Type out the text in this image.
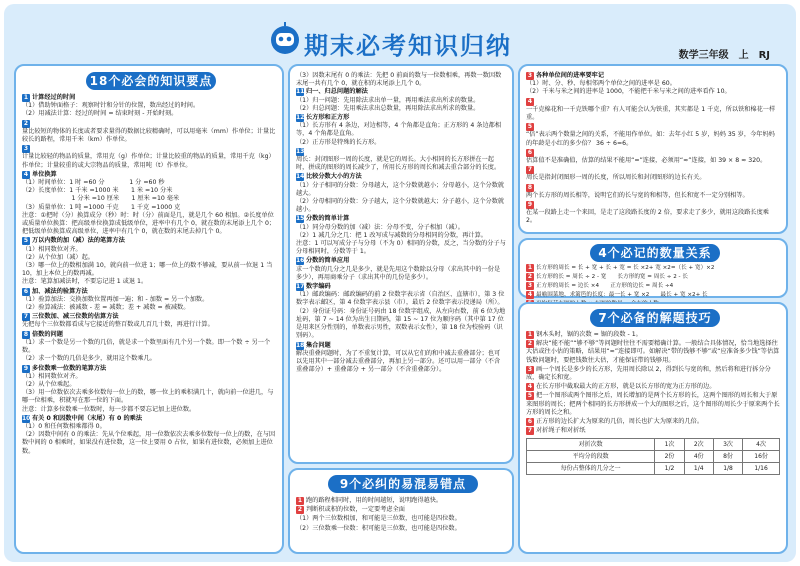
期末必考知识归纳	数学三年级　上　RJ
18个必会的知识要点
1 计算经过的时间
（1）借助钟面格子：观察时针和分针的位置，数出经过的时间。
（2）用减法计算：经过的时间 = 结束时刻 - 开始时刻。
2
量比较短的物体的长度或者要求量得的数据比较精确时，可以用毫米（mm）作单位；计量比较长的路程，常用千米（km）作单位。
3
计量比较轻的物品的质量，常用克（g）作单位；计量比较重的物品的质量，常用千克（kg）作单位；计量较重的或大宗物品的质量，常用吨（t）作单位。
4 单位换算
（1）时间单位：1 时 =60 分　　　　1 分 =60 秒
（2）长度单位：1 千米 =1000 米　　1 米 =10 分米
　　　　　　　　1 分米 =10 厘米　　1 厘米 =10 毫米
（3）质量单位：1 吨 =1000 千克　　1 千克 =1000 克
注意：①把时（分）换算成分（秒）时：时（分）前面是几，就是几个 60 相加。②长度单位或质量单位换算：把高级单位换算成低级单位，进率中有几个 0，就在数的末尾添上几个 0；把低级单位换算成高级单位，进率中有几个 0，就在数的末尾去掉几个 0。
5 万以内数的加（减）法的笔算方法
（1）相同数位对齐。
（2）从个位加（减）起。
（3）哪一位上的数相加满 10，就向前一位进 1；哪一位上的数不够减，要从前一位退 1 当 10，加上本位上的数再减。
注意：笔算加减法时，不要忘记进 1 或退 1。
6 加、减法的验算方法
（1）验算加法：交换加数位置再加一遍；和 - 加数 = 另一个加数。
（2）验算减法：被减数 - 差 = 减数；差 + 减数 = 被减数。
7 三位数加、减三位数的估算方法
先把每个三位数都看成与它接近的整百数或几百几十数，再进行计算。
8 倍数的问题
（1）求一个数是另一个数的几倍，就是求一个数里面有几个另一个数。即一个数 ÷ 另一个数。
（2）求一个数的几倍是多少，就用这个数乘几。
9 多位数乘一位数的笔算方法
（1）相同数位对齐。
（2）从个位乘起。
（3）用一位数依次去乘多位数每一位上的数，哪一位上的乘积满几十，就向前一位进几，与哪一位相乘，积就写在那一位的下面。
注意：计算多位数乘一位数时，每一步都不要忘记加上进位数。
10 有关 0 和因数中间（末尾）有 0 的乘法
（1）0 和任何数相乘都得 0。
（2）因数中间有 0 的乘法：先从个位乘起，用一位数依次去乘多位数每一位上的数，在与因数中间的 0 相乘时，如果没有进位数，这一位上要用 0 占位，如果有进位数，必须加上进位数。
（3）因数末尾有 0 的乘法：先把 0 前面的数与一位数相乘，再数一数因数末尾一共有几个 0，就在积的末尾添上几个 0。
11 归一、归总问题的解法
（1）归一问题：先用除法求出单一量，再用乘法求出所求的数量。
（2）归总问题：先用乘法求出总数量，再用除法求出所求的数量。
12 长方形和正方形
（1）长方形有 4 条边，对边相等，4 个角都是直角；正方形的 4 条边都相等，4 个角都是直角。
（2）正方形是特殊的长方形。
13
周长：封闭图形一周的长度，就是它的周长。大小相同的长方形拼在一起时，拼成的图形的周长减少了，所用长方形的周长和减去重合部分的长度。
14 比较分数大小的方法
（1）分子相同的分数：分母越大，这个分数就越小；分母越小，这个分数就越大。
（2）分母相同的分数：分子越大，这个分数就越大；分子越小，这个分数就越小。
15 分数的简单计算
（1）同分母分数的加（减）法：分母不变，分子相加（减）。
（2）1 减几分之几：把 1 改写成与减数的分母相同的分数，再计算。
注意：1 可以写成分子与分母（不为 0）相同的分数，反之，当分数的分子与分母相同时，分数等于 1。
16 分数的简单应用
求一个数的几分之几是多少，就是先用这个数除以分母（求出其中的一份是多少），再用商乘分子（求出其中的几份是多少）。
17 数字编码
（1）邮政编码：邮政编码的前 2 位数字表示省（自治区、直辖市），第 3 位数字表示邮区，第 4 位数字表示县（市），最后 2 位数字表示投递局（所）。
（2）身份证号码：身份证号码由 18 位数字组成，从左向右数，前 6 位为地址码，第 7 ~ 14 位为出生日期码，第 15 ~ 17 位为顺序码（其中第 17 位是用来区分性别的，单数表示男性，双数表示女性），第 18 位为校验码（识别码）。
18 集合问题
解决重叠问题时，为了不重复计算，可以从它们的和中减去重叠部分；也可以先用其中一部分减去重叠部分，再加上另一部分。还可以用一部分（不含重叠部分）+ 重叠部分 + 另一部分（不含重叠部分）。
9个必纠的易混易错点
1 跑的路程相同时，用的时间越短，说明跑得越快。
2 判断积或积的位数，一定要考虑全面
（1）两个三位数相加，和可能是三位数，也可能是四位数。
（2）三位数乘一位数：积可能是三位数，也可能是四位数。
3 各种单位间的进率要牢记
（1）时、分、秒、每相邻两个单位之间的进率是 60。
（2）千米与米之间的进率是 1000，不能把千米与米之间的进率看作 10。
4
一千克棉花和一千克铁哪个重？有人可能会认为铁重，其实都是 1 千克，所以铁和棉花一样重。
5
“倍”表示两个数量之间的关系，不能用作单位。如：去年小红 5 岁，妈妈 35 岁，今年妈妈的年龄是小红的多少倍？ 36 ÷ 6=6。
6
估算值不是准确值，估算的结果不能用“=”连接，必须用“≈”连接，如 39 × 8 ≈ 320。
7
周长是指封闭图形一周的长度，所以周长和封闭图形的边长有关。
8
两个长方形的周长相等，说明它们的长与宽的和相等，但长和宽不一定分别相等。
9
在某一段路上走一个来回，是走了这段路长度的 2 倍，要求走了多少，就用这段路长度乘 2。
4个必记的数量关系
1 长方形的周长 = 长 + 宽 + 长 + 宽 = 长 ×2+ 宽 ×2=（长 + 宽）×2
2 长方形的长 = 周长 ÷ 2 - 宽　　长方形的宽 = 周长 ÷ 2 - 长
3 正方形的周长 = 边长 ×4　　正方形的边长 = 周长 ÷4
4 最喻围菜地、求篱笆的长度：最一长 + 宽 ×2　　最长 + 宽 ×2+ 长
7个必备的解题技巧
1 钢木头时，锯的次数 = 锯的段数 - 1。
2 解决“能不能”“够不够”等问题时往往不需要精确计算。一般结合具体情况，恰当地选择往大估或往小估的策略，结果用“≈”连接即可。如解决“带的钱够不够”或“应准备多少钱”等估算钱数问题时，要把钱数往大估，才能保证带的钱够用。
3 画一个周长是多少的长方形，先用周长除以 2，得到长与宽的和，然后将和进行拆分分成，确定长和宽。
4 在长方形中截取最大的正方形，就是以长方形的宽为正方形的边。
5 把一个图形或两个图形之后，周长增加的是两个长方形的长，这两个图形的周长和大于原来图形的周长；把两个相同的长方形拼成一个大的图形之后，这个图形的周长少于原来两个长方形的周长之和。
6 正方形的边长扩大为原来的几倍，周长也扩大为原来的几倍。
7 对折绳子和对折纸
对折次数	1次	2次	3次	4次
平均分的段数	2份	4份	8份	16份
每份占整体的几分之一	1/2	1/4	1/8	1/16
